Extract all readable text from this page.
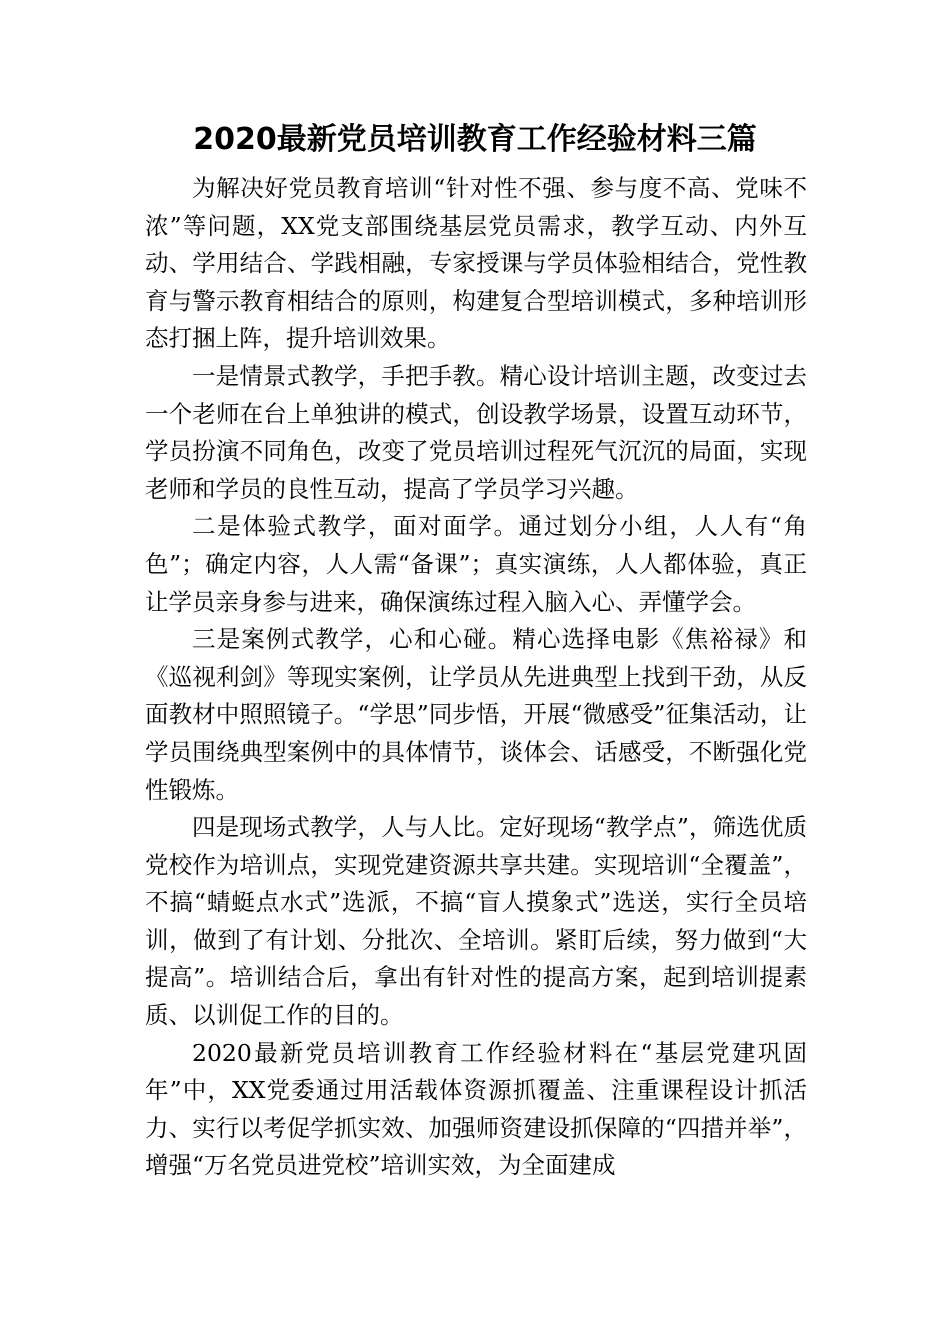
2020最新党员培训教育工作经验材料三篇

为解决好党员教育培训“针对性不强、参与度不高、党味不浓”等问题，XX党支部围绕基层党员需求，教学互动、内外互动、学用结合、学践相融，专家授课与学员体验相结合，党性教育与警示教育相结合的原则，构建复合型培训模式，多种培训形态打捆上阵，提升培训效果。

一是情景式教学，手把手教。精心设计培训主题，改变过去一个老师在台上单独讲的模式，创设教学场景，设置互动环节，学员扮演不同角色，改变了党员培训过程死气沉沉的局面，实现老师和学员的良性互动，提高了学员学习兴趣。

二是体验式教学，面对面学。通过划分小组，人人有“角色”；确定内容，人人需“备课”；真实演练，人人都体验，真正让学员亲身参与进来，确保演练过程入脑入心、弄懂学会。

三是案例式教学，心和心碰。精心选择电影《焦裕禄》和《巡视利剑》等现实案例，让学员从先进典型上找到干劲，从反面教材中照照镜子。“学思”同步悟，开展“微感受”征集活动，让学员围绕典型案例中的具体情节，谈体会、话感受，不断强化党性锻炼。

四是现场式教学，人与人比。定好现场“教学点”，筛选优质党校作为培训点，实现党建资源共享共建。实现培训“全覆盖”，不搞“蜻蜓点水式”选派，不搞“盲人摸象式”选送，实行全员培训，做到了有计划、分批次、全培训。紧盯后续，努力做到“大提高”。培训结合后，拿出有针对性的提高方案，起到培训提素质、以训促工作的目的。

2020最新党员培训教育工作经验材料在“基层党建巩固年”中，XX党委通过用活载体资源抓覆盖、注重课程设计抓活力、实行以考促学抓实效、加强师资建设抓保障的“四措并举”，增强“万名党员进党校”培训实效，为全面建成
